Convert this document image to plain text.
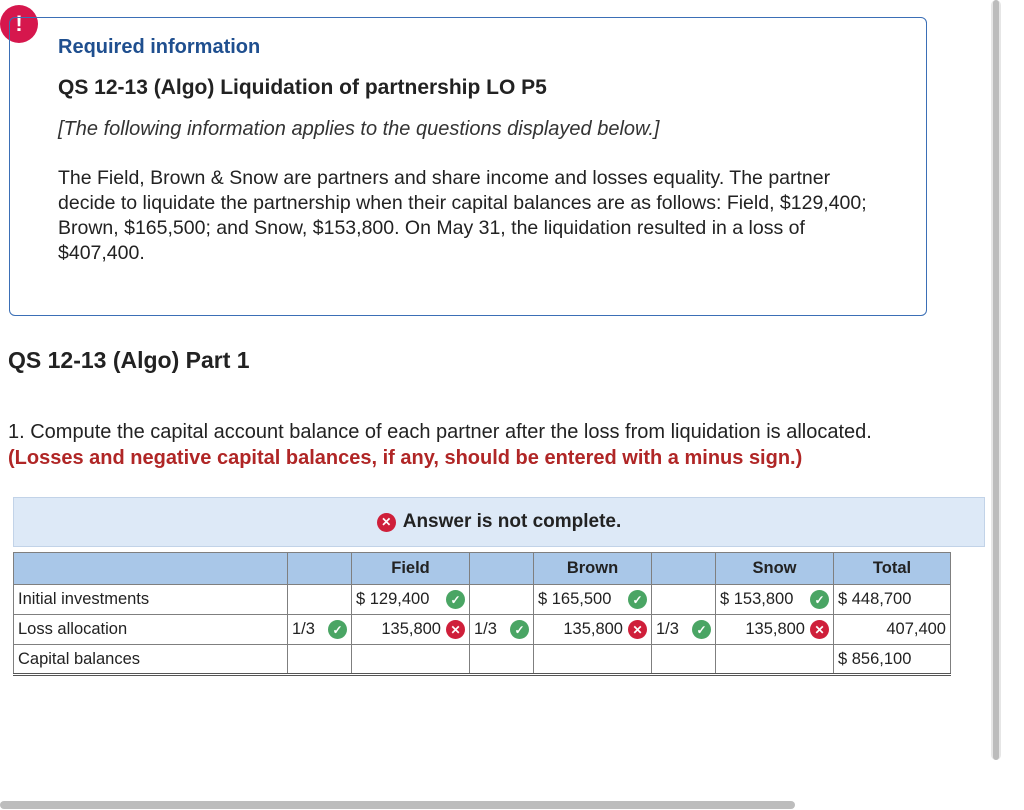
!
Required information
QS 12-13 (Algo) Liquidation of partnership LO P5
[The following information applies to the questions displayed below.]
The Field, Brown & Snow are partners and share income and losses equality. The partner decide to liquidate the partnership when their capital balances are as follows: Field, $129,400; Brown, $165,500; and Snow, $153,800. On May 31, the liquidation resulted in a loss of $407,400.
QS 12-13 (Algo) Part 1
1. Compute the capital account balance of each partner after the loss from liquidation is allocated.
(Losses and negative capital balances, if any, should be entered with a minus sign.)
✕ Answer is not complete.
		Field		Brown		Snow	Total
Initial investments		$ 129,400 ✓		$ 165,500 ✓		$ 153,800 ✓	$ 448,700
Loss allocation	1/3 ✓	135,800 ✕	1/3 ✓	135,800 ✕	1/3 ✓	135,800 ✕	407,400
Capital balances							$ 856,100
